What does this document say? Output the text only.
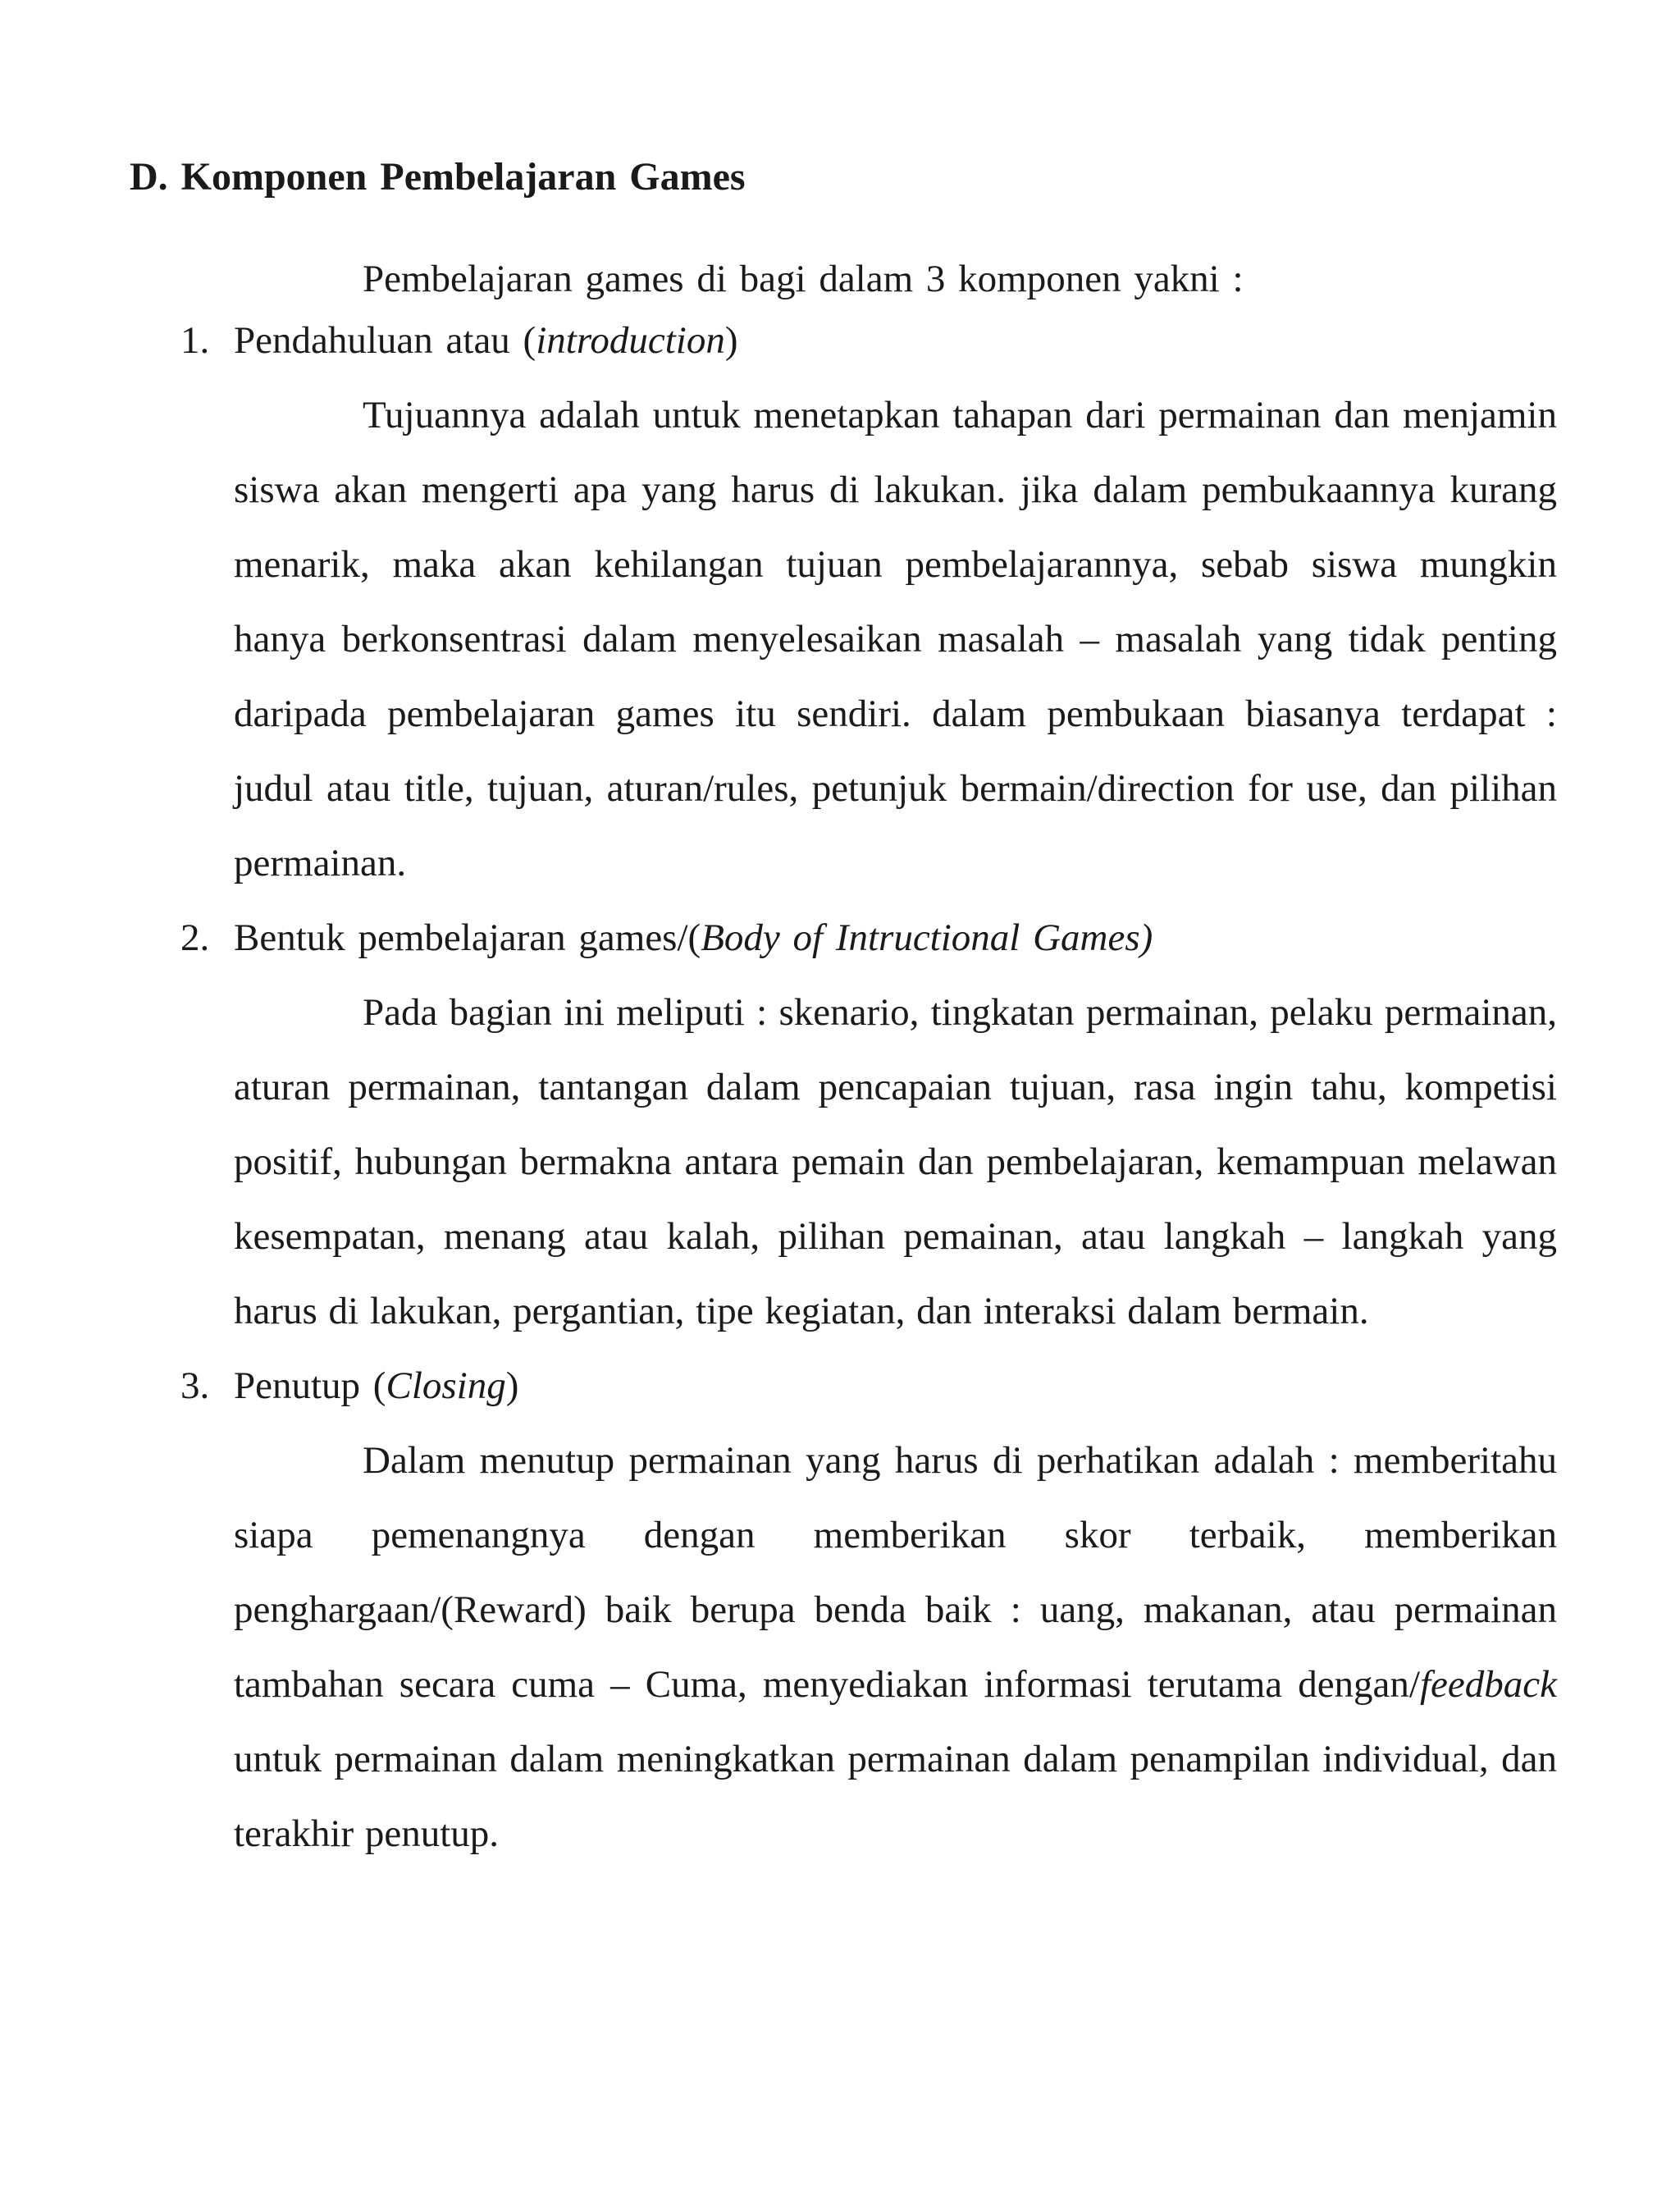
D. Komponen Pembelajaran Games

Pembelajaran games di bagi dalam 3 komponen yakni :

1. Pendahuluan atau (introduction)

Tujuannya adalah untuk menetapkan tahapan dari permainan dan menjamin siswa akan mengerti apa yang harus di lakukan. jika dalam pembukaannya kurang menarik, maka akan kehilangan tujuan pembelajarannya, sebab siswa mungkin hanya berkonsentrasi dalam menyelesaikan masalah – masalah yang tidak penting daripada pembelajaran games itu sendiri. dalam pembukaan biasanya terdapat : judul atau title, tujuan, aturan/rules, petunjuk bermain/direction for use, dan pilihan permainan.

2. Bentuk pembelajaran games/(Body of Intructional Games)

Pada bagian ini meliputi : skenario, tingkatan permainan, pelaku permainan, aturan permainan, tantangan dalam pencapaian tujuan, rasa ingin tahu, kompetisi positif, hubungan bermakna antara pemain dan pembelajaran, kemampuan melawan kesempatan, menang atau kalah, pilihan pemainan, atau langkah – langkah yang harus di lakukan, pergantian, tipe kegiatan, dan interaksi dalam bermain.

3. Penutup (Closing)

Dalam menutup permainan yang harus di perhatikan adalah : memberitahu siapa pemenangnya dengan memberikan skor terbaik, memberikan penghargaan/(Reward) baik berupa benda baik : uang, makanan, atau permainan tambahan secara cuma – Cuma, menyediakan informasi terutama dengan/feedback untuk permainan dalam meningkatkan permainan dalam penampilan individual, dan terakhir penutup.
